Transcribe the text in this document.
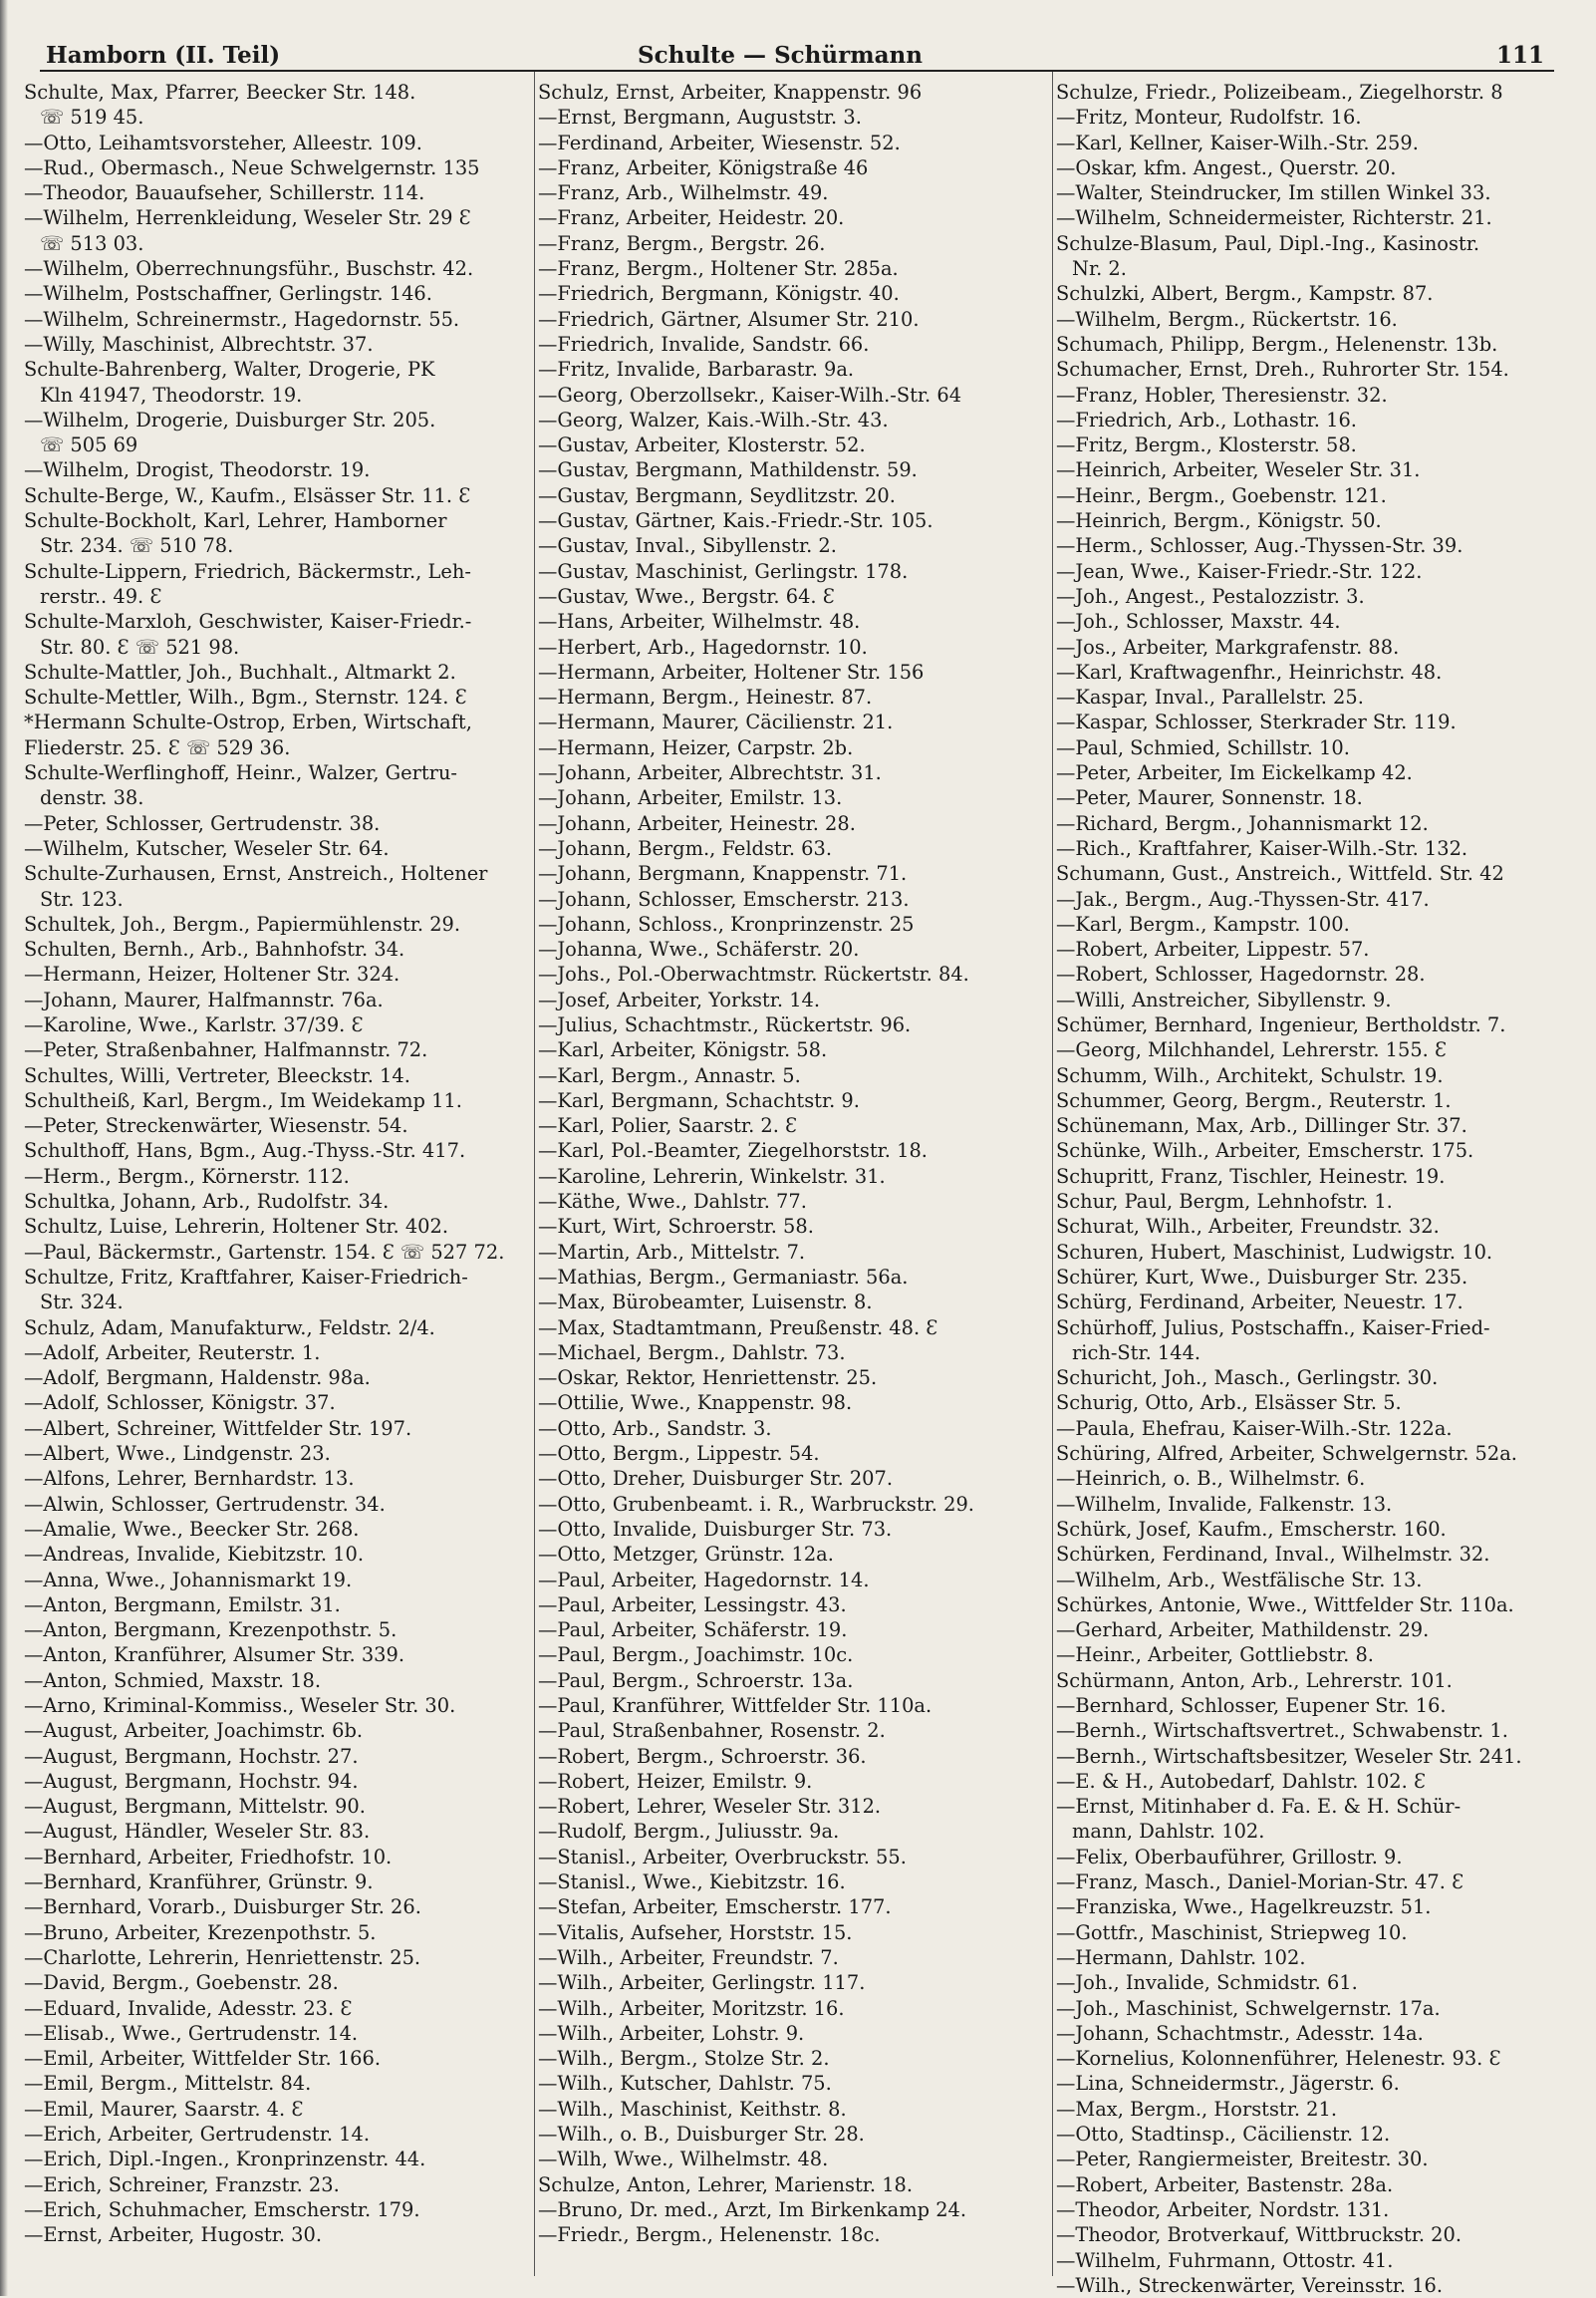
Hamborn (II. Teil)	Schulte — Schürmann	111

Schulte, Max, Pfarrer, Beecker Str. 148.

☏ 519 45.

—Otto, Leihamtsvorsteher, Alleestr. 109.

—Rud., Obermasch., Neue Schwelgernstr. 135

—Theodor, Bauaufseher, Schillerstr. 114.

—Wilhelm, Herrenkleidung, Weseler Str. 29 Ɛ

☏ 513 03.

—Wilhelm, Oberrechnungsführ., Buschstr. 42.

—Wilhelm, Postschaffner, Gerlingstr. 146.

—Wilhelm, Schreinermstr., Hagedornstr. 55.

—Willy, Maschinist, Albrechtstr. 37.

Schulte-Bahrenberg, Walter, Drogerie, PK

Kln 41947, Theodorstr. 19.

—Wilhelm, Drogerie, Duisburger Str. 205.

☏ 505 69

—Wilhelm, Drogist, Theodorstr. 19.

Schulte-Berge, W., Kaufm., Elsässer Str. 11. Ɛ

Schulte-Bockholt, Karl, Lehrer, Hamborner

Str. 234. ☏ 510 78.

Schulte-Lippern, Friedrich, Bäckermstr., Leh-

rerstr.. 49. Ɛ

Schulte-Marxloh, Geschwister, Kaiser-Friedr.-

Str. 80. Ɛ ☏ 521 98.

Schulte-Mattler, Joh., Buchhalt., Altmarkt 2.

Schulte-Mettler, Wilh., Bgm., Sternstr. 124. Ɛ

*Hermann Schulte-Ostrop, Erben, Wirtschaft,

Fliederstr. 25. Ɛ ☏ 529 36.

Schulte-Werflinghoff, Heinr., Walzer, Gertru-

denstr. 38.

—Peter, Schlosser, Gertrudenstr. 38.

—Wilhelm, Kutscher, Weseler Str. 64.

Schulte-Zurhausen, Ernst, Anstreich., Holtener

Str. 123.

Schultek, Joh., Bergm., Papiermühlenstr. 29.

Schulten, Bernh., Arb., Bahnhofstr. 34.

—Hermann, Heizer, Holtener Str. 324.

—Johann, Maurer, Halfmannstr. 76a.

—Karoline, Wwe., Karlstr. 37/39. Ɛ

—Peter, Straßenbahner, Halfmannstr. 72.

Schultes, Willi, Vertreter, Bleeckstr. 14.

Schultheiß, Karl, Bergm., Im Weidekamp 11.

—Peter, Streckenwärter, Wiesenstr. 54.

Schulthoff, Hans, Bgm., Aug.-Thyss.-Str. 417.

—Herm., Bergm., Körnerstr. 112.

Schultka, Johann, Arb., Rudolfstr. 34.

Schultz, Luise, Lehrerin, Holtener Str. 402.

—Paul, Bäckermstr., Gartenstr. 154. Ɛ ☏ 527 72.

Schultze, Fritz, Kraftfahrer, Kaiser-Friedrich-

Str. 324.

Schulz, Adam, Manufakturw., Feldstr. 2/4.

—Adolf, Arbeiter, Reuterstr. 1.

—Adolf, Bergmann, Haldenstr. 98a.

—Adolf, Schlosser, Königstr. 37.

—Albert, Schreiner, Wittfelder Str. 197.

—Albert, Wwe., Lindgenstr. 23.

—Alfons, Lehrer, Bernhardstr. 13.

—Alwin, Schlosser, Gertrudenstr. 34.

—Amalie, Wwe., Beecker Str. 268.

—Andreas, Invalide, Kiebitzstr. 10.

—Anna, Wwe., Johannismarkt 19.

—Anton, Bergmann, Emilstr. 31.

—Anton, Bergmann, Krezenpothstr. 5.

—Anton, Kranführer, Alsumer Str. 339.

—Anton, Schmied, Maxstr. 18.

—Arno, Kriminal-Kommiss., Weseler Str. 30.

—August, Arbeiter, Joachimstr. 6b.

—August, Bergmann, Hochstr. 27.

—August, Bergmann, Hochstr. 94.

—August, Bergmann, Mittelstr. 90.

—August, Händler, Weseler Str. 83.

—Bernhard, Arbeiter, Friedhofstr. 10.

—Bernhard, Kranführer, Grünstr. 9.

—Bernhard, Vorarb., Duisburger Str. 26.

—Bruno, Arbeiter, Krezenpothstr. 5.

—Charlotte, Lehrerin, Henriettenstr. 25.

—David, Bergm., Goebenstr. 28.

—Eduard, Invalide, Adesstr. 23. Ɛ

—Elisab., Wwe., Gertrudenstr. 14.

—Emil, Arbeiter, Wittfelder Str. 166.

—Emil, Bergm., Mittelstr. 84.

—Emil, Maurer, Saarstr. 4. Ɛ

—Erich, Arbeiter, Gertrudenstr. 14.

—Erich, Dipl.-Ingen., Kronprinzenstr. 44.

—Erich, Schreiner, Franzstr. 23.

—Erich, Schuhmacher, Emscherstr. 179.

—Ernst, Arbeiter, Hugostr. 30.

Schulz, Ernst, Arbeiter, Knappenstr. 96

—Ernst, Bergmann, Auguststr. 3.

—Ferdinand, Arbeiter, Wiesenstr. 52.

—Franz, Arbeiter, Königstraße 46

—Franz, Arb., Wilhelmstr. 49.

—Franz, Arbeiter, Heidestr. 20.

—Franz, Bergm., Bergstr. 26.

—Franz, Bergm., Holtener Str. 285a.

—Friedrich, Bergmann, Königstr. 40.

—Friedrich, Gärtner, Alsumer Str. 210.

—Friedrich, Invalide, Sandstr. 66.

—Fritz, Invalide, Barbarastr. 9a.

—Georg, Oberzollsekr., Kaiser-Wilh.-Str. 64

—Georg, Walzer, Kais.-Wilh.-Str. 43.

—Gustav, Arbeiter, Klosterstr. 52.

—Gustav, Bergmann, Mathildenstr. 59.

—Gustav, Bergmann, Seydlitzstr. 20.

—Gustav, Gärtner, Kais.-Friedr.-Str. 105.

—Gustav, Inval., Sibyllenstr. 2.

—Gustav, Maschinist, Gerlingstr. 178.

—Gustav, Wwe., Bergstr. 64. Ɛ

—Hans, Arbeiter, Wilhelmstr. 48.

—Herbert, Arb., Hagedornstr. 10.

—Hermann, Arbeiter, Holtener Str. 156

—Hermann, Bergm., Heinestr. 87.

—Hermann, Maurer, Cäcilienstr. 21.

—Hermann, Heizer, Carpstr. 2b.

—Johann, Arbeiter, Albrechtstr. 31.

—Johann, Arbeiter, Emilstr. 13.

—Johann, Arbeiter, Heinestr. 28.

—Johann, Bergm., Feldstr. 63.

—Johann, Bergmann, Knappenstr. 71.

—Johann, Schlosser, Emscherstr. 213.

—Johann, Schloss., Kronprinzenstr. 25

—Johanna, Wwe., Schäferstr. 20.

—Johs., Pol.-Oberwachtmstr. Rückertstr. 84.

—Josef, Arbeiter, Yorkstr. 14.

—Julius, Schachtmstr., Rückertstr. 96.

—Karl, Arbeiter, Königstr. 58.

—Karl, Bergm., Annastr. 5.

—Karl, Bergmann, Schachtstr. 9.

—Karl, Polier, Saarstr. 2. Ɛ

—Karl, Pol.-Beamter, Ziegelhorststr. 18.

—Karoline, Lehrerin, Winkelstr. 31.

—Käthe, Wwe., Dahlstr. 77.

—Kurt, Wirt, Schroerstr. 58.

—Martin, Arb., Mittelstr. 7.

—Mathias, Bergm., Germaniastr. 56a.

—Max, Bürobeamter, Luisenstr. 8.

—Max, Stadtamtmann, Preußenstr. 48. Ɛ

—Michael, Bergm., Dahlstr. 73.

—Oskar, Rektor, Henriettenstr. 25.

—Ottilie, Wwe., Knappenstr. 98.

—Otto, Arb., Sandstr. 3.

—Otto, Bergm., Lippestr. 54.

—Otto, Dreher, Duisburger Str. 207.

—Otto, Grubenbeamt. i. R., Warbruckstr. 29.

—Otto, Invalide, Duisburger Str. 73.

—Otto, Metzger, Grünstr. 12a.

—Paul, Arbeiter, Hagedornstr. 14.

—Paul, Arbeiter, Lessingstr. 43.

—Paul, Arbeiter, Schäferstr. 19.

—Paul, Bergm., Joachimstr. 10c.

—Paul, Bergm., Schroerstr. 13a.

—Paul, Kranführer, Wittfelder Str. 110a.

—Paul, Straßenbahner, Rosenstr. 2.

—Robert, Bergm., Schroerstr. 36.

—Robert, Heizer, Emilstr. 9.

—Robert, Lehrer, Weseler Str. 312.

—Rudolf, Bergm., Juliusstr. 9a.

—Stanisl., Arbeiter, Overbruckstr. 55.

—Stanisl., Wwe., Kiebitzstr. 16.

—Stefan, Arbeiter, Emscherstr. 177.

—Vitalis, Aufseher, Horststr. 15.

—Wilh., Arbeiter, Freundstr. 7.

—Wilh., Arbeiter, Gerlingstr. 117.

—Wilh., Arbeiter, Moritzstr. 16.

—Wilh., Arbeiter, Lohstr. 9.

—Wilh., Bergm., Stolze Str. 2.

—Wilh., Kutscher, Dahlstr. 75.

—Wilh., Maschinist, Keithstr. 8.

—Wilh., o. B., Duisburger Str. 28.

—Wilh, Wwe., Wilhelmstr. 48.

Schulze, Anton, Lehrer, Marienstr. 18.

—Bruno, Dr. med., Arzt, Im Birkenkamp 24.

—Friedr., Bergm., Helenenstr. 18c.

Schulze, Friedr., Polizeibeam., Ziegelhorstr. 8

—Fritz, Monteur, Rudolfstr. 16.

—Karl, Kellner, Kaiser-Wilh.-Str. 259.

—Oskar, kfm. Angest., Querstr. 20.

—Walter, Steindrucker, Im stillen Winkel 33.

—Wilhelm, Schneidermeister, Richterstr. 21.

Schulze-Blasum, Paul, Dipl.-Ing., Kasinostr.

Nr. 2.

Schulzki, Albert, Bergm., Kampstr. 87.

—Wilhelm, Bergm., Rückertstr. 16.

Schumach, Philipp, Bergm., Helenenstr. 13b.

Schumacher, Ernst, Dreh., Ruhrorter Str. 154.

—Franz, Hobler, Theresienstr. 32.

—Friedrich, Arb., Lothastr. 16.

—Fritz, Bergm., Klosterstr. 58.

—Heinrich, Arbeiter, Weseler Str. 31.

—Heinr., Bergm., Goebenstr. 121.

—Heinrich, Bergm., Königstr. 50.

—Herm., Schlosser, Aug.-Thyssen-Str. 39.

—Jean, Wwe., Kaiser-Friedr.-Str. 122.

—Joh., Angest., Pestalozzistr. 3.

—Joh., Schlosser, Maxstr. 44.

—Jos., Arbeiter, Markgrafenstr. 88.

—Karl, Kraftwagenfhr., Heinrichstr. 48.

—Kaspar, Inval., Parallelstr. 25.

—Kaspar, Schlosser, Sterkrader Str. 119.

—Paul, Schmied, Schillstr. 10.

—Peter, Arbeiter, Im Eickelkamp 42.

—Peter, Maurer, Sonnenstr. 18.

—Richard, Bergm., Johannismarkt 12.

—Rich., Kraftfahrer, Kaiser-Wilh.-Str. 132.

Schumann, Gust., Anstreich., Wittfeld. Str. 42

—Jak., Bergm., Aug.-Thyssen-Str. 417.

—Karl, Bergm., Kampstr. 100.

—Robert, Arbeiter, Lippestr. 57.

—Robert, Schlosser, Hagedornstr. 28.

—Willi, Anstreicher, Sibyllenstr. 9.

Schümer, Bernhard, Ingenieur, Bertholdstr. 7.

—Georg, Milchhandel, Lehrerstr. 155. Ɛ

Schumm, Wilh., Architekt, Schulstr. 19.

Schummer, Georg, Bergm., Reuterstr. 1.

Schünemann, Max, Arb., Dillinger Str. 37.

Schünke, Wilh., Arbeiter, Emscherstr. 175.

Schupritt, Franz, Tischler, Heinestr. 19.

Schur, Paul, Bergm, Lehnhofstr. 1.

Schurat, Wilh., Arbeiter, Freundstr. 32.

Schuren, Hubert, Maschinist, Ludwigstr. 10.

Schürer, Kurt, Wwe., Duisburger Str. 235.

Schürg, Ferdinand, Arbeiter, Neuestr. 17.

Schürhoff, Julius, Postschaffn., Kaiser-Fried-

rich-Str. 144.

Schuricht, Joh., Masch., Gerlingstr. 30.

Schurig, Otto, Arb., Elsässer Str. 5.

—Paula, Ehefrau, Kaiser-Wilh.-Str. 122a.

Schüring, Alfred, Arbeiter, Schwelgernstr. 52a.

—Heinrich, o. B., Wilhelmstr. 6.

—Wilhelm, Invalide, Falkenstr. 13.

Schürk, Josef, Kaufm., Emscherstr. 160.

Schürken, Ferdinand, Inval., Wilhelmstr. 32.

—Wilhelm, Arb., Westfälische Str. 13.

Schürkes, Antonie, Wwe., Wittfelder Str. 110a.

—Gerhard, Arbeiter, Mathildenstr. 29.

—Heinr., Arbeiter, Gottliebstr. 8.

Schürmann, Anton, Arb., Lehrerstr. 101.

—Bernhard, Schlosser, Eupener Str. 16.

—Bernh., Wirtschaftsvertret., Schwabenstr. 1.

—Bernh., Wirtschaftsbesitzer, Weseler Str. 241.

—E. & H., Autobedarf, Dahlstr. 102. Ɛ

—Ernst, Mitinhaber d. Fa. E. & H. Schür-

mann, Dahlstr. 102.

—Felix, Oberbauführer, Grillostr. 9.

—Franz, Masch., Daniel-Morian-Str. 47. Ɛ

—Franziska, Wwe., Hagelkreuzstr. 51.

—Gottfr., Maschinist, Striepweg 10.

—Hermann, Dahlstr. 102.

—Joh., Invalide, Schmidstr. 61.

—Joh., Maschinist, Schwelgernstr. 17a.

—Johann, Schachtmstr., Adesstr. 14a.

—Kornelius, Kolonnenführer, Helenestr. 93. Ɛ

—Lina, Schneidermstr., Jägerstr. 6.

—Max, Bergm., Horststr. 21.

—Otto, Stadtinsp., Cäcilienstr. 12.

—Peter, Rangiermeister, Breitestr. 30.

—Robert, Arbeiter, Bastenstr. 28a.

—Theodor, Arbeiter, Nordstr. 131.

—Theodor, Brotverkauf, Wittbruckstr. 20.

—Wilhelm, Fuhrmann, Ottostr. 41.

—Wilh., Streckenwärter, Vereinsstr. 16.
